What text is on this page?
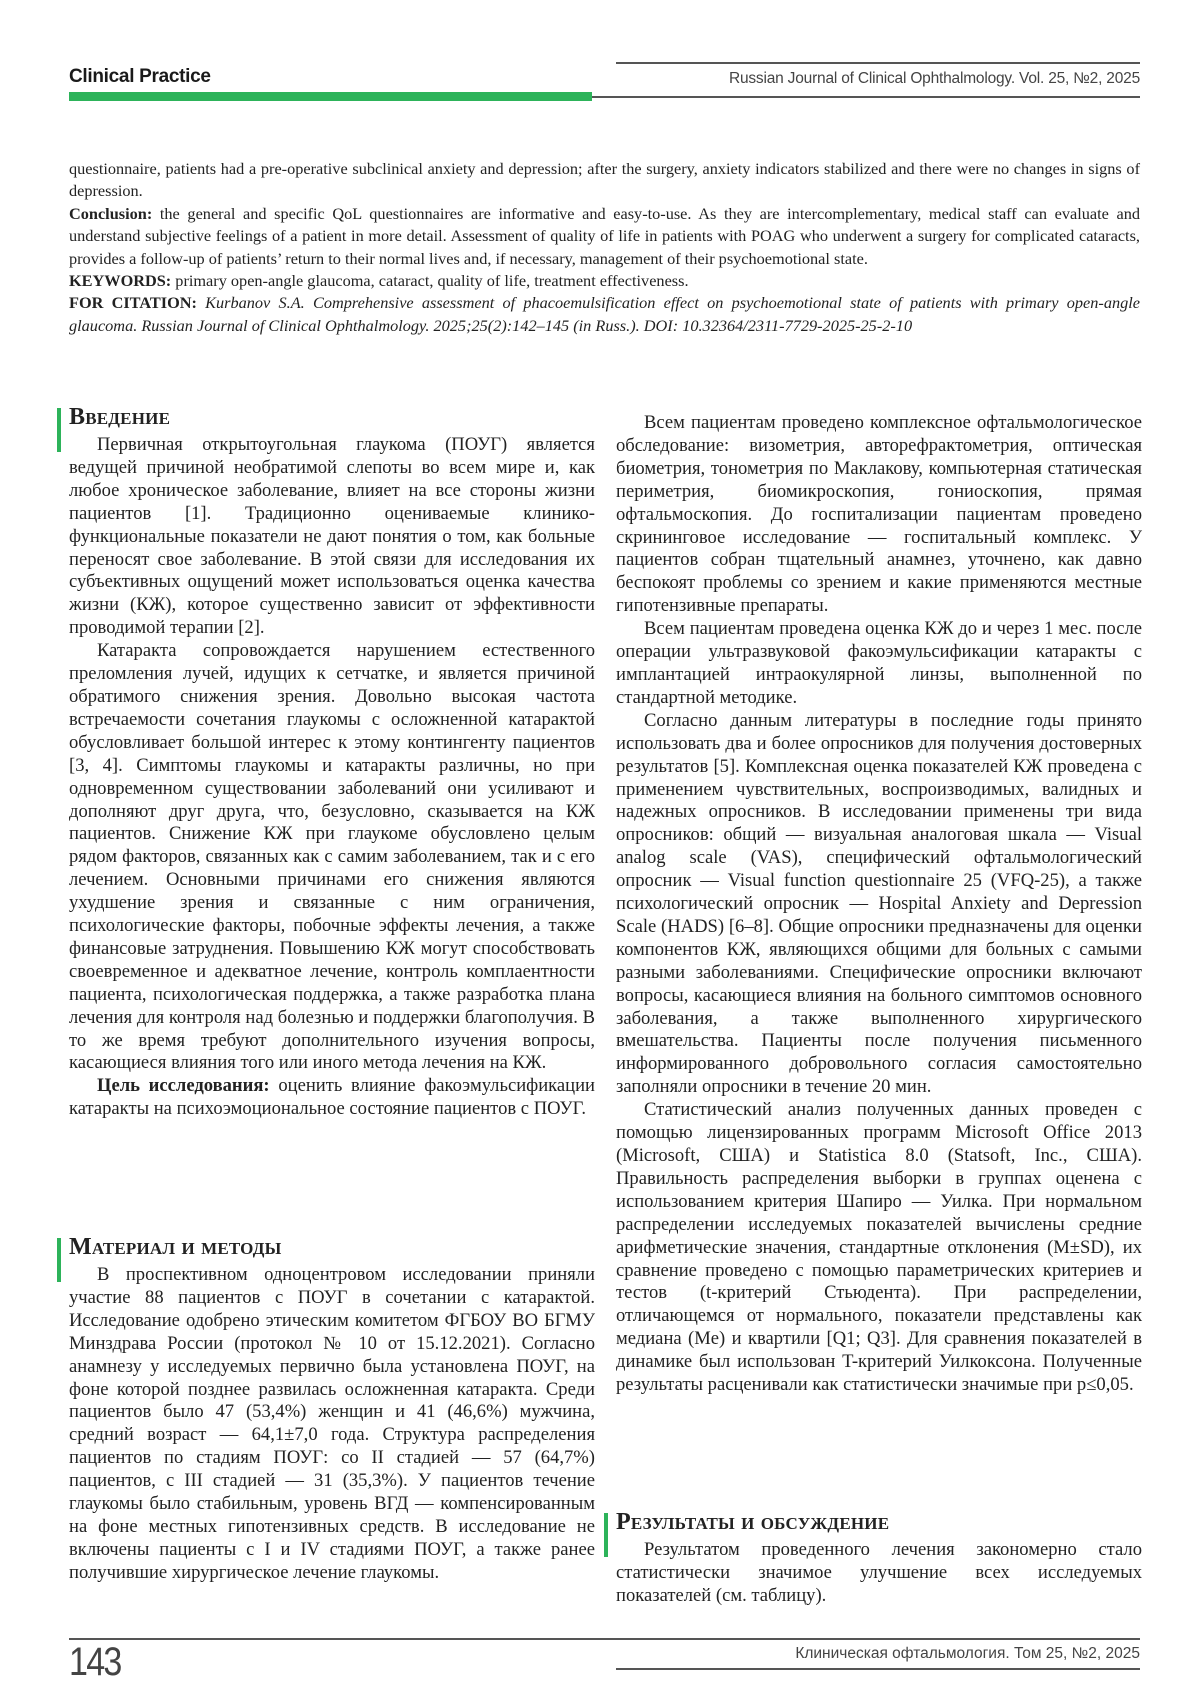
Clinical Practice	Russian Journal of Clinical Ophthalmology. Vol. 25, №2, 2025

questionnaire, patients had a pre-operative subclinical anxiety and depression; after the surgery, anxiety indicators stabilized and there were no changes in signs of depression.

Conclusion: the general and specific QoL questionnaires are informative and easy-to-use. As they are intercomplementary, medical staff can evaluate and understand subjective feelings of a patient in more detail. Assessment of quality of life in patients with POAG who underwent a surgery for complicated cataracts, provides a follow-up of patients’ return to their normal lives and, if necessary, management of their psychoemotional state.

KEYWORDS: primary open-angle glaucoma, cataract, quality of life, treatment effectiveness.

FOR CITATION: Kurbanov S.A. Comprehensive assessment of phacoemulsification effect on psychoemotional state of patients with primary open-angle glaucoma. Russian Journal of Clinical Ophthalmology. 2025;25(2):142–145 (in Russ.). DOI: 10.32364/2311-7729-2025-25-2-10

Введение

Первичная открытоугольная глаукома (ПОУГ) является ведущей причиной необратимой слепоты во всем мире и, как любое хроническое заболевание, влияет на все стороны жизни пациентов [1]. Традиционно оцениваемые клинико-функциональные показатели не дают понятия о том, как больные переносят свое заболевание. В этой связи для исследования их субъективных ощущений может использоваться оценка качества жизни (КЖ), которое существенно зависит от эффективности проводимой терапии [2].

Катаракта сопровождается нарушением естественного преломления лучей, идущих к сетчатке, и является причиной обратимого снижения зрения. Довольно высокая частота встречаемости сочетания глаукомы с осложненной катарактой обусловливает большой интерес к этому контингенту пациентов [3, 4]. Симптомы глаукомы и катаракты различны, но при одновременном существовании заболеваний они усиливают и дополняют друг друга, что, безусловно, сказывается на КЖ пациентов. Снижение КЖ при глаукоме обусловлено целым рядом факторов, связанных как с самим заболеванием, так и с его лечением. Основными причинами его снижения являются ухудшение зрения и связанные с ним ограничения, психологические факторы, побочные эффекты лечения, а также финансовые затруднения. Повышению КЖ могут способствовать своевременное и адекватное лечение, контроль комплаентности пациента, психологическая поддержка, а также разработка плана лечения для контроля над болезнью и поддержки благополучия. В то же время требуют дополнительного изучения вопросы, касающиеся влияния того или иного метода лечения на КЖ.

Цель исследования: оценить влияние факоэмульсификации катаракты на психоэмоциональное состояние пациентов с ПОУГ.

Материал и методы

В проспективном одноцентровом исследовании приняли участие 88 пациентов с ПОУГ в сочетании с катарактой. Исследование одобрено этическим комитетом ФГБОУ ВО БГМУ Минздрава России (протокол № 10 от 15.12.2021). Согласно анамнезу у исследуемых первично была установлена ПОУГ, на фоне которой позднее развилась осложненная катаракта. Среди пациентов было 47 (53,4%) женщин и 41 (46,6%) мужчина, средний возраст — 64,1±7,0 года. Структура распределения пациентов по стадиям ПОУГ: со II стадией — 57 (64,7%) пациентов, с III стадией — 31 (35,3%). У пациентов течение глаукомы было стабильным, уровень ВГД — компенсированным на фоне местных гипотензивных средств. В исследование не включены пациенты с I и IV стадиями ПОУГ, а также ранее получившие хирургическое лечение глаукомы.

Всем пациентам проведено комплексное офтальмологическое обследование: визометрия, авторефрактометрия, оптическая биометрия, тонометрия по Маклакову, компьютерная статическая периметрия, биомикроскопия, гониоскопия, прямая офтальмоскопия. До госпитализации пациентам проведено скрининговое исследование — госпитальный комплекс. У пациентов собран тщательный анамнез, уточнено, как давно беспокоят проблемы со зрением и какие применяются местные гипотензивные препараты.

Всем пациентам проведена оценка КЖ до и через 1 мес. после операции ультразвуковой факоэмульсификации катаракты с имплантацией интраокулярной линзы, выполненной по стандартной методике.

Согласно данным литературы в последние годы принято использовать два и более опросников для получения достоверных результатов [5]. Комплексная оценка показателей КЖ проведена с применением чувствительных, воспроизводимых, валидных и надежных опросников. В исследовании применены три вида опросников: общий — визуальная аналоговая шкала — Visual analog scale (VAS), специфический офтальмологический опросник — Visual function questionnaire 25 (VFQ-25), а также психологический опросник — Hospital Anxiety and Depression Scale (HADS) [6–8]. Общие опросники предназначены для оценки компонентов КЖ, являющихся общими для больных с самыми разными заболеваниями. Специфические опросники включают вопросы, касающиеся влияния на больного симптомов основного заболевания, а также выполненного хирургического вмешательства. Пациенты после получения письменного информированного добровольного согласия самостоятельно заполняли опросники в течение 20 мин.

Статистический анализ полученных данных проведен с помощью лицензированных программ Microsoft Office 2013 (Microsoft, США) и Statistica 8.0 (Statsoft, Inc., США). Правильность распределения выборки в группах оценена с использованием критерия Шапиро — Уилка. При нормальном распределении исследуемых показателей вычислены средние арифметические значения, стандартные отклонения (M±SD), их сравнение проведено с помощью параметрических критериев и тестов (t-критерий Стьюдента). При распределении, отличающемся от нормального, показатели представлены как медиана (Me) и квартили [Q1; Q3]. Для сравнения показателей в динамике был использован T-критерий Уилкоксона. Полученные результаты расценивали как статистически значимые при p≤0,05.

Результаты и обсуждение

Результатом проведенного лечения закономерно стало статистически значимое улучшение всех исследуемых показателей (см. таблицу).

143	Клиническая офтальмология. Том 25, №2, 2025
